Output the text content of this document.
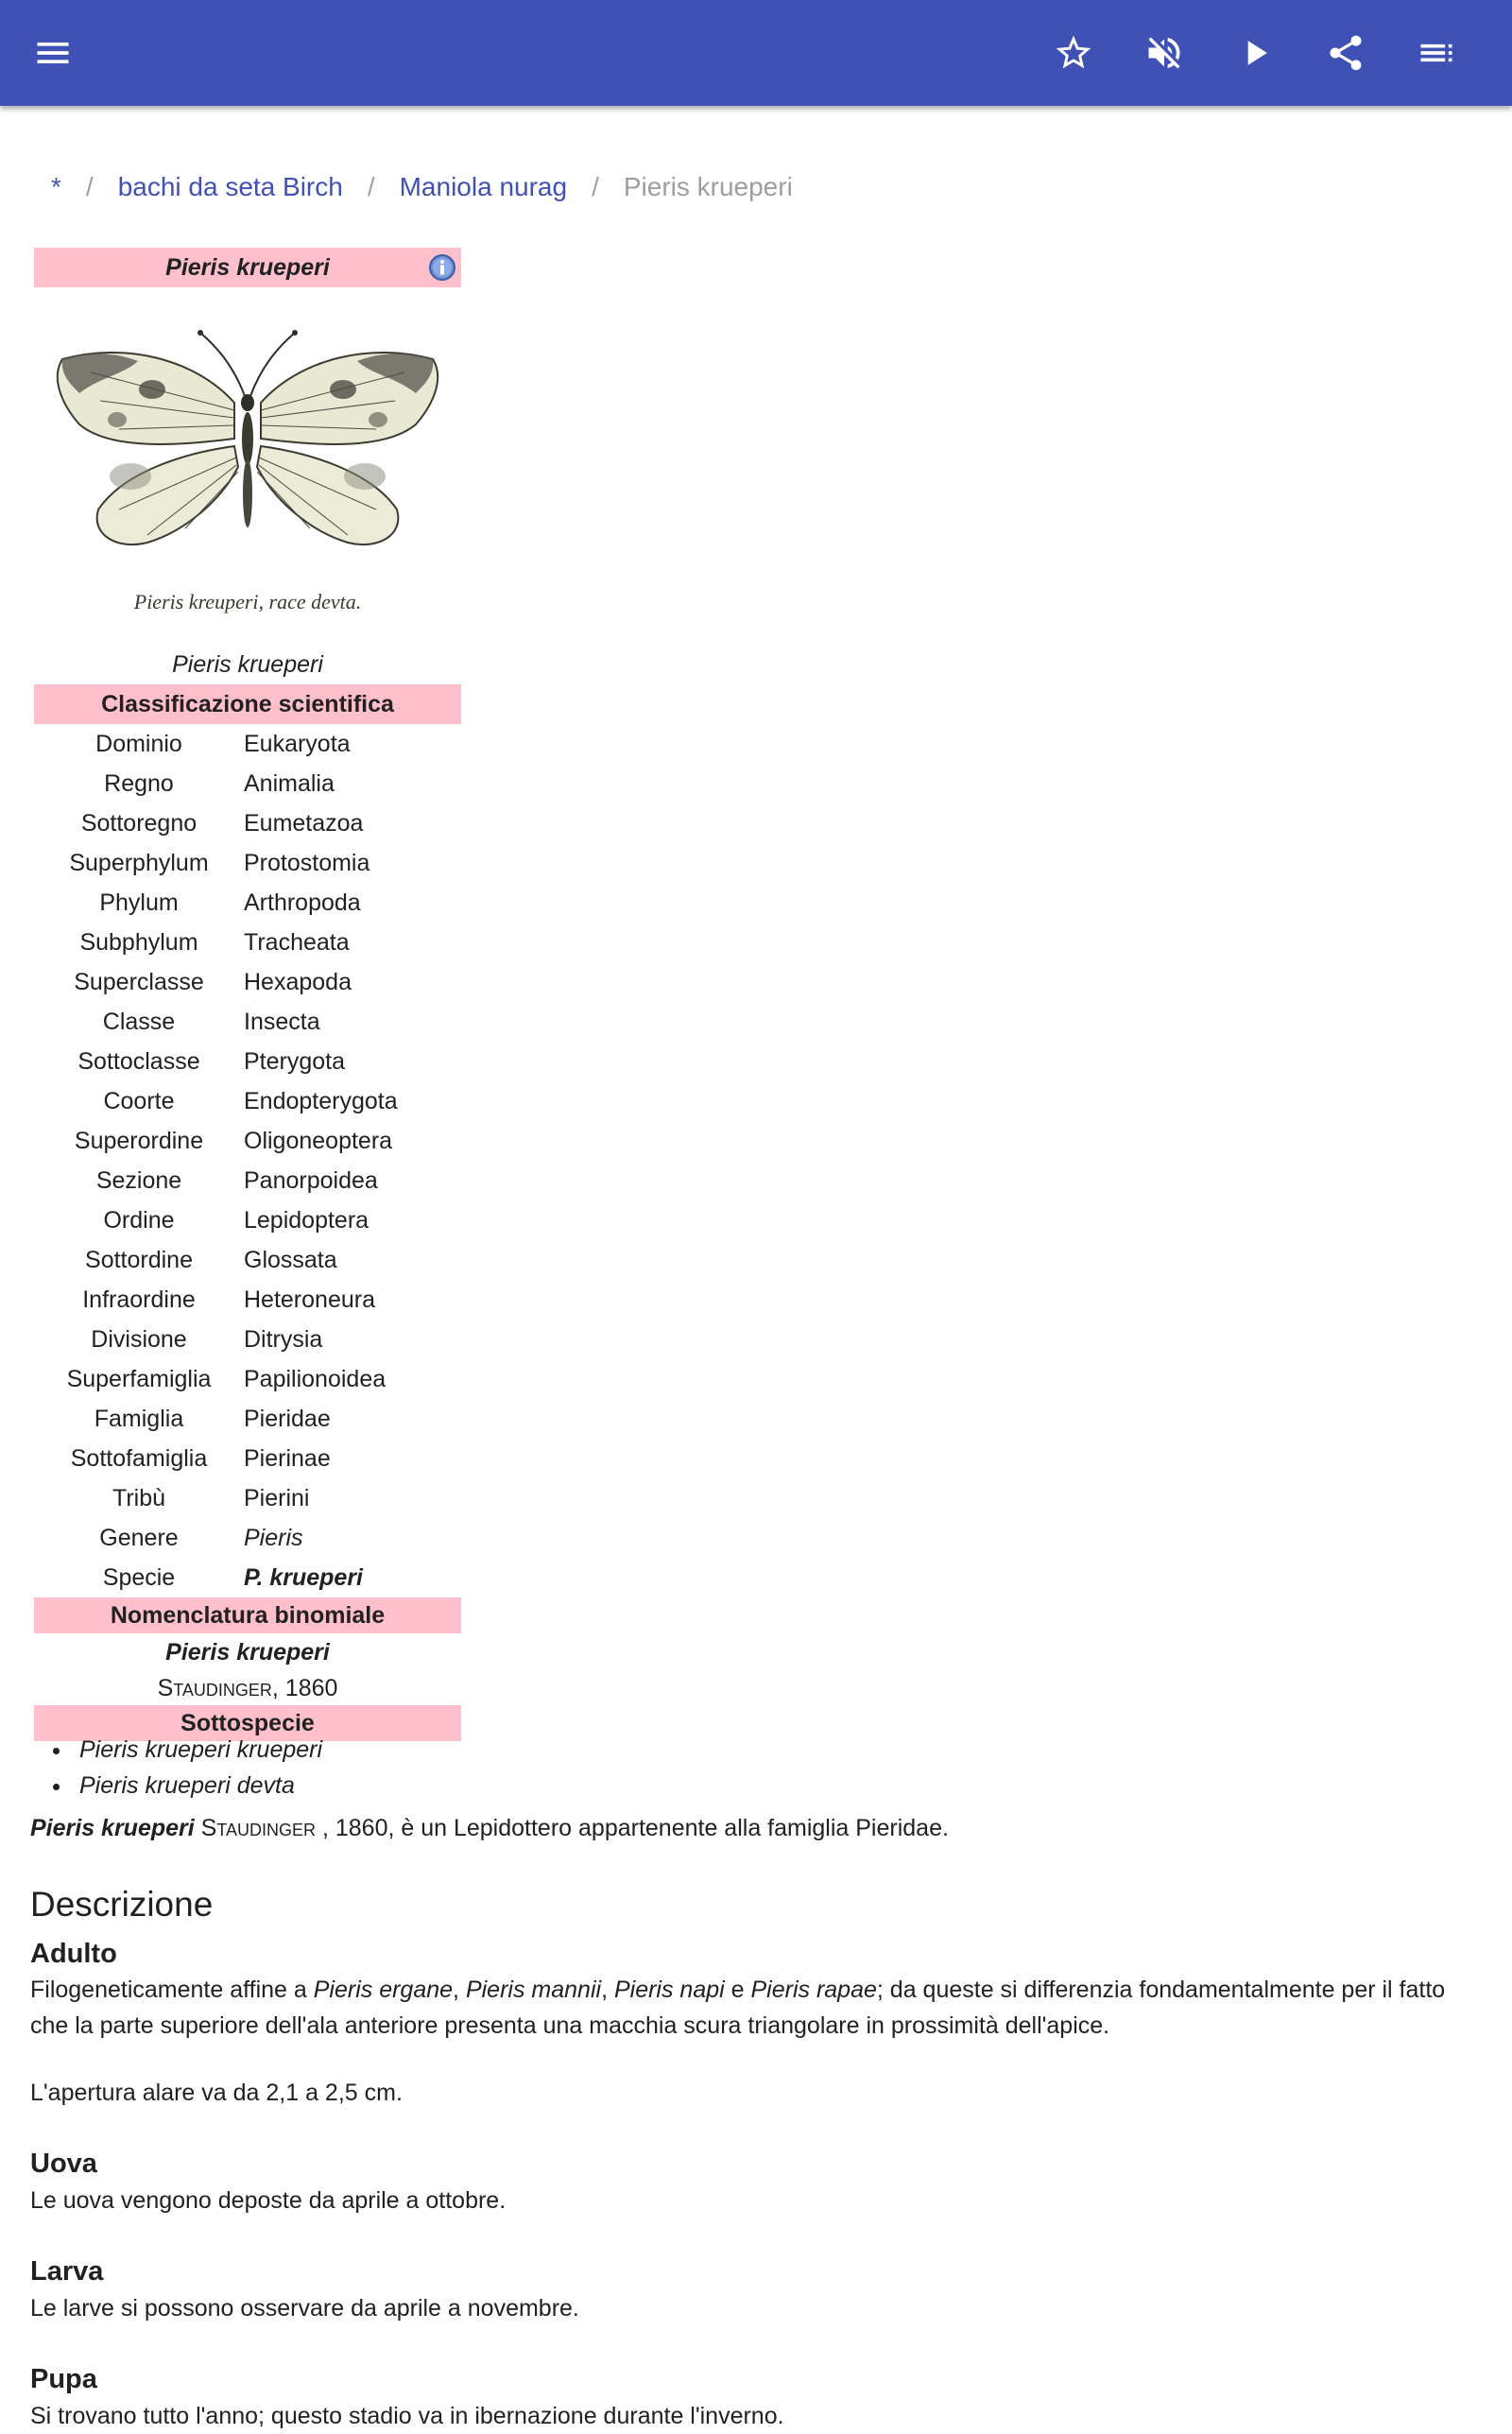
* / bachi da seta Birch / Maniola nurag / Pieris krueperi
Pieris krueperi
Pieris kreuperi, race devta.
Pieris krueperi
Classificazione scientifica
Dominio	Eukaryota
Regno	Animalia
Sottoregno	Eumetazoa
Superphylum	Protostomia
Phylum	Arthropoda
Subphylum	Tracheata
Superclasse	Hexapoda
Classe	Insecta
Sottoclasse	Pterygota
Coorte	Endopterygota
Superordine	Oligoneoptera
Sezione	Panorpoidea
Ordine	Lepidoptera
Sottordine	Glossata
Infraordine	Heteroneura
Divisione	Ditrysia
Superfamiglia	Papilionoidea
Famiglia	Pieridae
Sottofamiglia	Pierinae
Tribù	Pierini
Genere	Pieris
Specie	P. krueperi
Nomenclatura binomiale
Pieris krueperi
Staudinger, 1860
Sottospecie
Pieris krueperi krueperi
Pieris krueperi devta
Pieris krueperi Staudinger , 1860, è un Lepidottero appartenente alla famiglia Pieridae.
Descrizione
Adulto
Filogeneticamente affine a Pieris ergane, Pieris mannii, Pieris napi e Pieris rapae; da queste si differenzia fondamentalmente per il fatto che la parte superiore dell'ala anteriore presenta una macchia scura triangolare in prossimità dell'apice.
L'apertura alare va da 2,1 a 2,5 cm.
Uova
Le uova vengono deposte da aprile a ottobre.
Larva
Le larve si possono osservare da aprile a novembre.
Pupa
Si trovano tutto l'anno; questo stadio va in ibernazione durante l'inverno.
